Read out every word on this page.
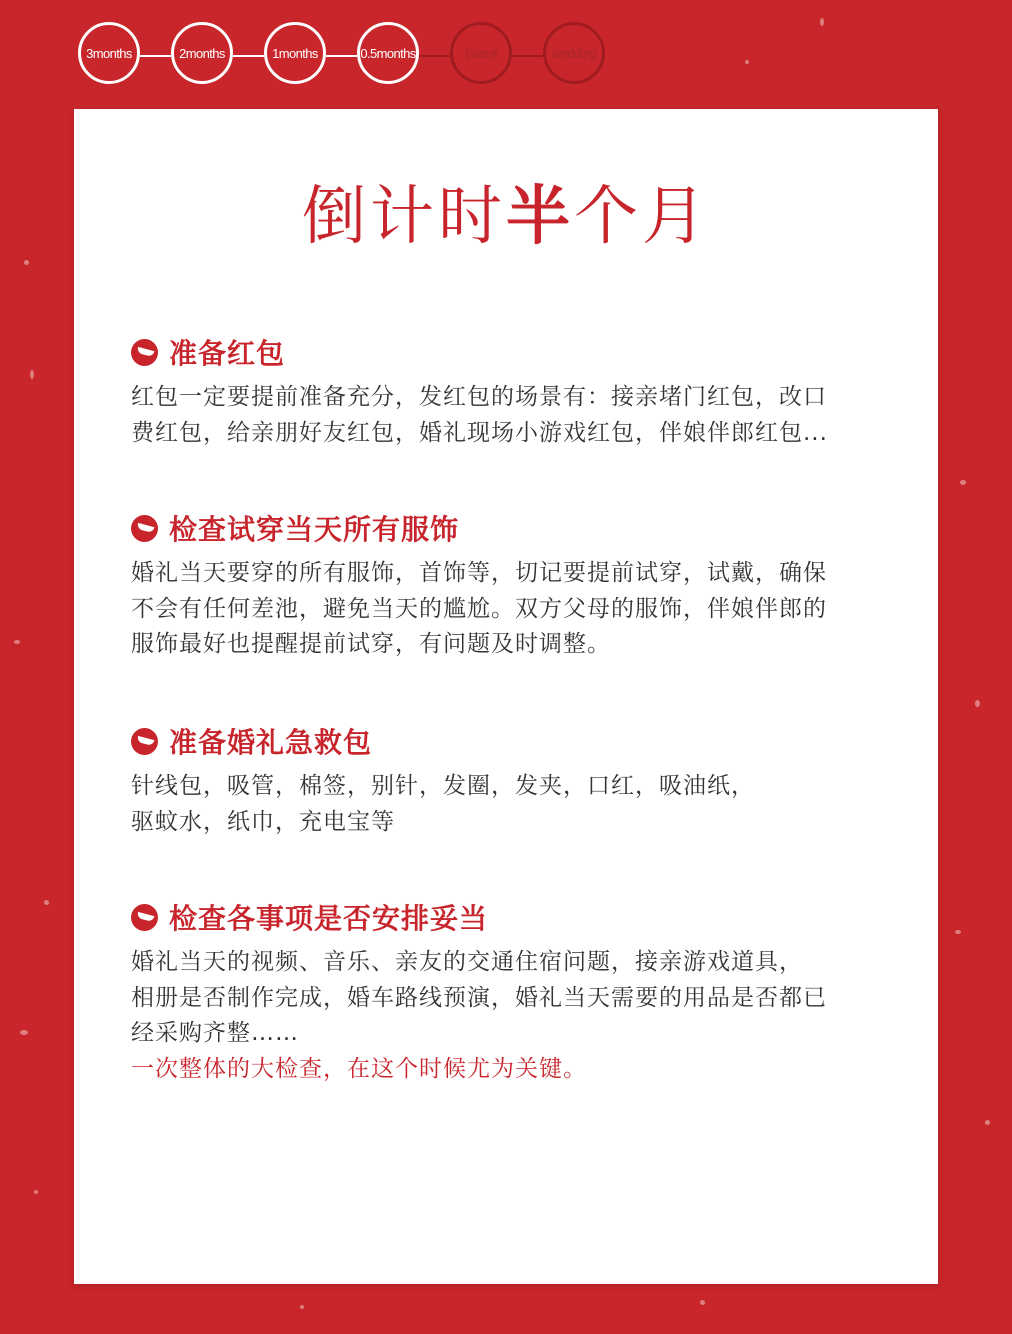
3months	2months	1months	0.5months	1week	wedding
倒计时半个月
准备红包
红包一定要提前准备充分，发红包的场景有：接亲堵门红包，改口
费红包，给亲朋好友红包，婚礼现场小游戏红包，伴娘伴郎红包...
检查试穿当天所有服饰
婚礼当天要穿的所有服饰，首饰等，切记要提前试穿，试戴，确保
不会有任何差池，避免当天的尴尬。双方父母的服饰，伴娘伴郎的
服饰最好也提醒提前试穿，有问题及时调整。
准备婚礼急救包
针线包，吸管，棉签，别针，发圈，发夹，口红，吸油纸，
驱蚊水，纸巾，充电宝等
检查各事项是否安排妥当
婚礼当天的视频、音乐、亲友的交通住宿问题，接亲游戏道具，
相册是否制作完成，婚车路线预演，婚礼当天需要的用品是否都已
经采购齐整……
一次整体的大检查，在这个时候尤为关键。
